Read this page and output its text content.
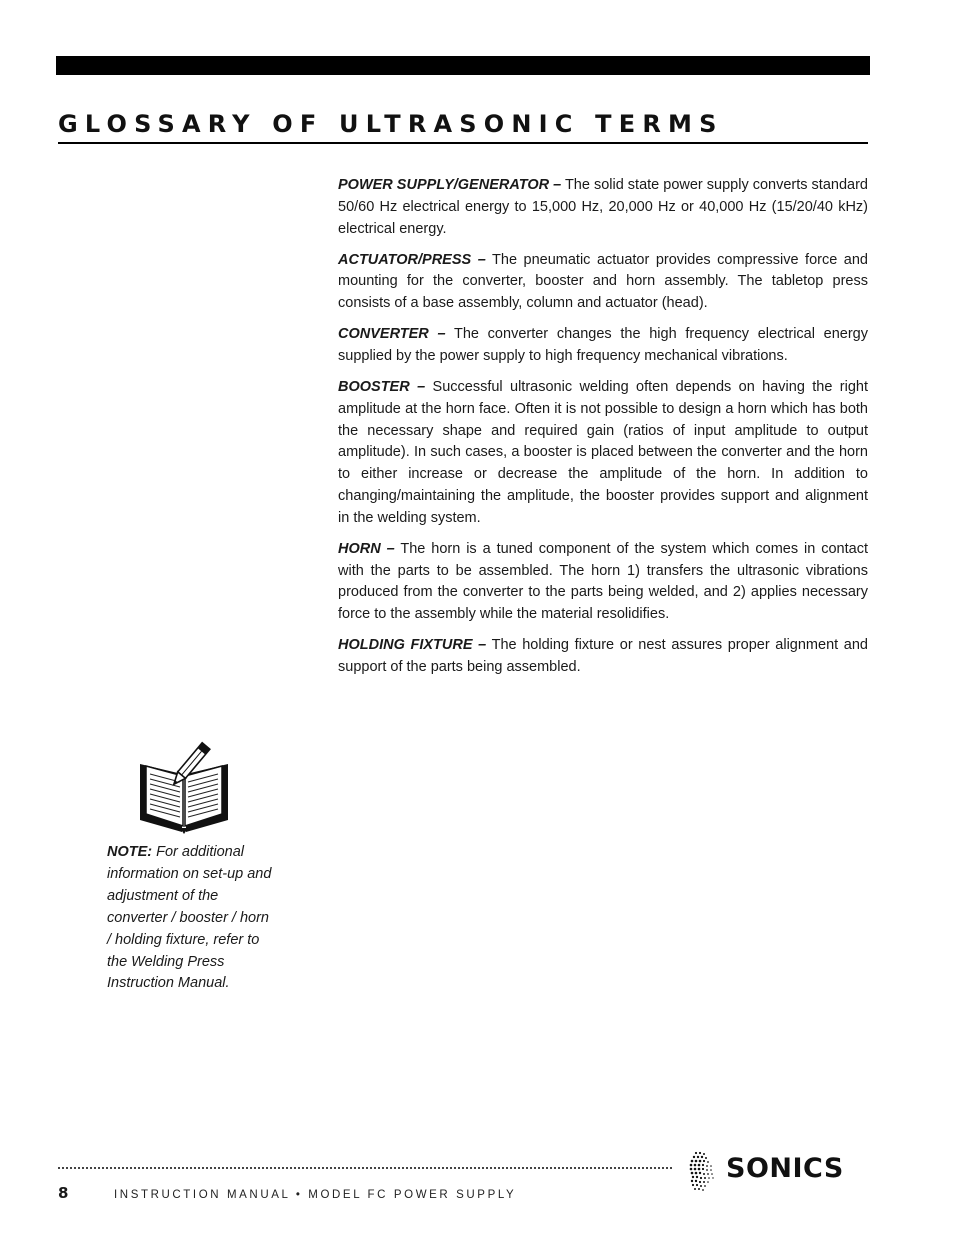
GLOSSARY OF ULTRASONIC TERMS

POWER SUPPLY/GENERATOR – The solid state power supply converts standard 50/60 Hz electrical energy to 15,000 Hz, 20,000 Hz or 40,000 Hz (15/20/40 kHz) electrical energy.

ACTUATOR/PRESS – The pneumatic actuator provides compressive force and mounting for the converter, booster and horn assembly. The tabletop press consists of a base assembly, column and actuator (head).

CONVERTER – The converter changes the high frequency electrical energy supplied by the power supply to high frequency mechanical vibrations.

BOOSTER – Successful ultrasonic welding often depends on having the right amplitude at the horn face. Often it is not possible to design a horn which has both the necessary shape and required gain (ratios of input amplitude to output amplitude). In such cases, a booster is placed between the converter and the horn to either increase or decrease the amplitude of the horn. In addition to changing/maintaining the amplitude, the booster provides support and alignment in the welding system.

HORN – The horn is a tuned component of the system which comes in contact with the parts to be assembled. The horn 1) transfers the ultrasonic vibrations produced from the converter to the parts being welded, and 2) applies necessary force to the assembly while the material resolidifies.

HOLDING FIXTURE – The holding fixture or nest assures proper alignment and support of the parts being assembled.

NOTE: For additional information on set-up and adjustment of the converter / booster / horn / holding fixture, refer to the Welding Press Instruction Manual.
8	INSTRUCTION MANUAL • MODEL FC POWER SUPPLY
SONICS
